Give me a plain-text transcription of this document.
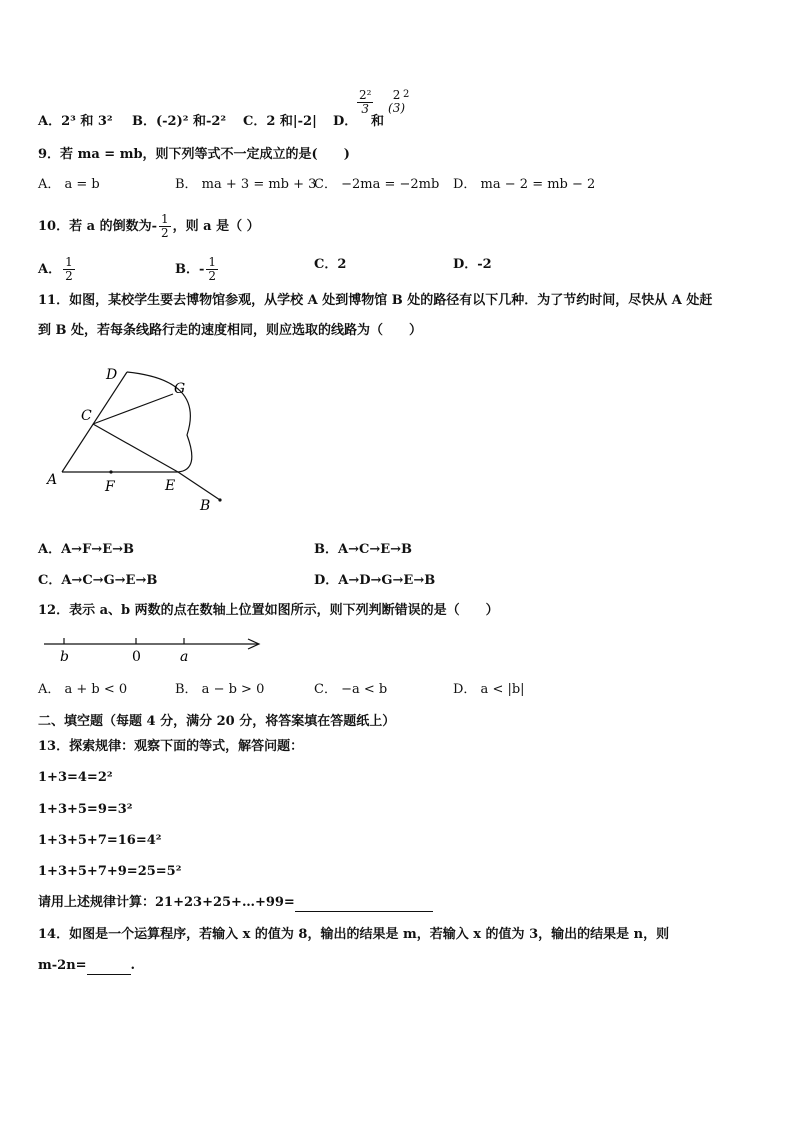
A．2³ 和 3² B．(-2)² 和-2² C．2 和|-2| D．
$\frac{\text{2²}}{3}$
和
2
(3)
2
9．若 ma = mb，则下列等式不一定成立的是(　　)
A． a = b	B． ma + 3 = mb + 3
C． −2ma = −2mb D． ma − 2 = mb − 2
10．若 a 的倒数为- $\frac{1}{2}$ ，则 a 是（ ）
A． $\frac{1}{2}$	B．- $\frac{1}{2}$	C．2	D．-2
11．如图，某校学生要去博物馆参观，从学校 A 处到博物馆 B 处的路径有以下几种．为了节约时间，尽快从 A 处赶
到 B 处，若每条线路行走的速度相同，则应选取的线路为（　　）
D
G
C
A	F	E
B
A．A→F→E→B	B．A→C→E→B
C．A→C→G→E→B	D．A→D→G→E→B
12．表示 a、b 两数的点在数轴上位置如图所示，则下列判断错误的是（　　）
b	0	a
A． a + b < 0	B． a − b > 0	C． −a < b	D． a < |b|
二、填空题（每题 4 分，满分 20 分，将答案填在答题纸上）
13．探索规律：观察下面的等式，解答问题：
1+3=4=2²
1+3+5=9=3²
1+3+5+7=16=4²
1+3+5+7+9=25=5²
请用上述规律计算：21+23+25+…+99=
14．如图是一个运算程序，若输入 x 的值为 8，输出的结果是 m，若输入 x 的值为 3，输出的结果是 n，则
m-2n=	.
